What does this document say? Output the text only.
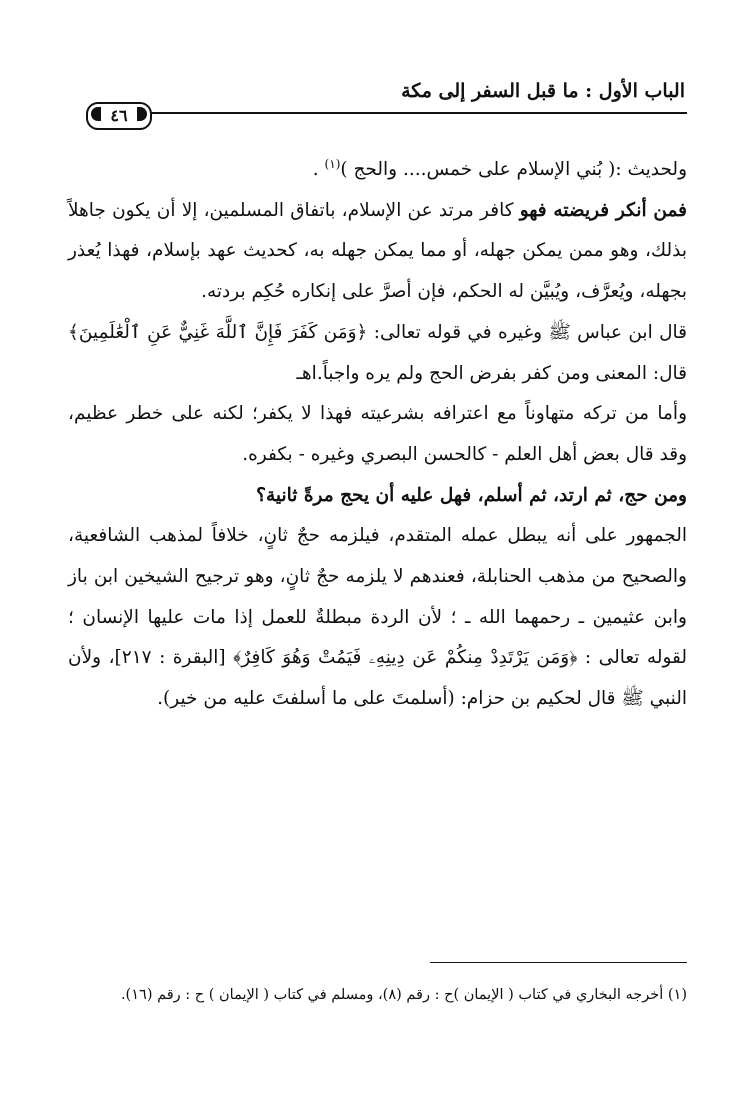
الباب الأول : ما قبل السفر إلى مكة
٤٦

ولحديث :( بُني الإسلام على خمس.... والحج )$^{(١)}$ .

فمن أنكر فريضته فهو كافر مرتد عن الإسلام، باتفاق المسلمين، إلا أن يكون جاهلاً بذلك، وهو ممن يمكن جهله، أو مما يمكن جهله به، كحديث عهد بإسلام، فهذا يُعذر بجهله، ويُعرَّف، ويُبيَّن له الحكم، فإن أصرَّ على إنكاره حُكِم بردته.

قال ابن عباس ﷺ وغيره في قوله تعالى: ﴿وَمَن كَفَرَ فَإِنَّ ٱللَّهَ غَنِيٌّ عَنِ ٱلْعَٰلَمِينَ﴾ قال: المعنى ومن كفر بفرض الحج ولم يره واجباً.اهـ

وأما من تركه متهاوناً مع اعترافه بشرعيته فهذا لا يكفر؛ لكنه على خطر عظيم، وقد قال بعض أهل العلم - كالحسن البصري وغيره - بكفره.

ومن حج، ثم ارتد، ثم أسلم، فهل عليه أن يحج مرةً ثانية؟

الجمهور على أنه يبطل عمله المتقدم، فيلزمه حجٌ ثانٍ، خلافاً لمذهب الشافعية، والصحيح من مذهب الحنابلة، فعندهم لا يلزمه حجٌ ثانٍ، وهو ترجيح الشيخين ابن باز وابن عثيمين ـ رحمهما الله ـ ؛ لأن الردة مبطلةٌ للعمل إذا مات عليها الإنسان ؛ لقوله تعالى : ﴿وَمَن يَرْتَدِدْ مِنكُمْ عَن دِينِهِۦ فَيَمُتْ وَهُوَ كَافِرٌ﴾ [البقرة : ٢١٧]، ولأن النبي ﷺ قال لحكيم بن حزام: (أسلمتَ على ما أسلفتَ عليه من خير).

(١) أخرجه البخاري في كتاب ( الإيمان )ح : رقم (٨)، ومسلم في كتاب ( الإيمان ) ح : رقم (١٦).
